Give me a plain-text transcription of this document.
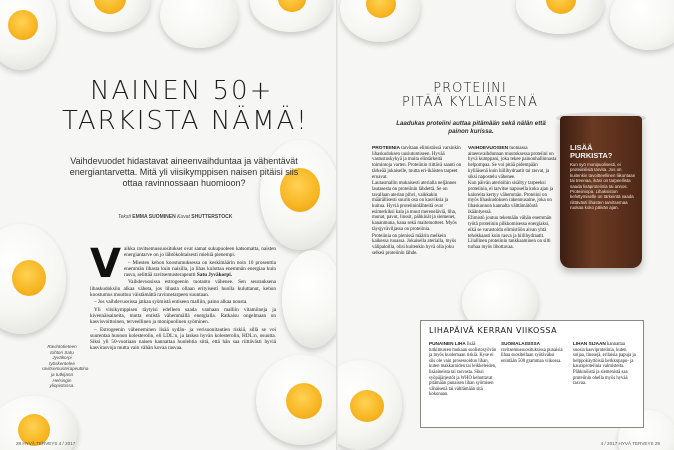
NAINEN 50+
TARKISTA NÄMÄ!

Vaihdevuodet hidastavat aineenvaihduntaa ja vähentävät energiantarvetta. Mitä yli viisikymppisen naisen pitäisi siis ottaa ravinnossaan huomioon?

Teksti EMMA SUOMINEN Kuvat SHUTTERSTOCK

V aikka ravitsemussuositukset ovat samat sukupuoleen katsomatta, naisten energiantarve on jo lähtökohtaisesti miehiä pienempi.

– Miesten kehon koostumuksessa on keskimäärin noin 10 prosenttia enemmän lihasta kuin naisilla, ja lihas kuluttaa enemmän energiaa kuin rasva, selittää ravitsemusterapeutti Satu Jyväkorpi.

Vaihdevuosissa estrogeenin tuotanto vähenee. Sen seurauksena lihaskudoksiin alkaa väheta, jos lihasta ollaan erityisesti huolla kuluttanut, kehon koostumus muuttuu väistämättä ravinnetarpeen suuntaan.

– Jos vaihdevuosissa jatkaa syömistä entiseen malliin, paino alkaa nousta.

Yli viisikymppisen täytyisi edelleen saada vanhaan malliin vitamiineja ja kivennäisaineita, mutta entistä vähemmällä energialla. Ratkaisu ongelmaan on kasvisvoittoinen, terveellinen ja monipuolinen syöminen.

– Estrogeenin väheneminen lisää sydän- ja verisuonitautien riskiä, sillä se voi suurentaa huonon kolesterolin, eli LDL:n, ja laskea hyvän kolesterolin, HDL:n, osuutta. Siksi yli 50-vuotiaan naisen kannattaa huolehtia siitä, että hän saa riittävästi hyviä kasvirasvoja mutta vain vähän kovaa rasvaa.

Ravintotieteen tohtori Satu Jyväkorpi työskentelee ravitsemusterapeuttina ja tutkijana Helsingin yliopistossa.

28 HYVÄ TERVEYS 4 / 2017

PROTEIINI
PITÄÄ KYLLÄISENÄ

Laadukas proteiini auttaa pitämään sekä nälän että painon kurissa.

PROTEIINIA tarvitaan elimistössä varsinkin lihaskudoksen uusiutumiseen. Hyvää vastustuskykyä ja muita elintärkeitä toimintoja varten. Proteiinin riittävä saanti on tärkeää jokaiselle, mutta eri-ikäisten tarpeet eroavat.

Lautasmallin mukaisesti aterialla neljännes lautasesta on proteiinin lähdettä. Se on tavallaan aterian pihvi, vaikkakin määrällisesti suurin osa on kasviksia ja kuitua. Hyviä proteiininlähteitä ovat esimerkiksi kala ja muut mereneläviä, liha, munat, pavut, linssit, pähkinät ja siemenet, kananmuna, kana sekä maitotuotteet. Myös täysjyväviljassa on proteiinia.

Proteiinia on pienissä määrin melkein kaikessa ruoassa. Jokaisella aterialla, myös välipaloilla, olisi kuitenkin hyvä olla joku selkeä proteiinin lähde.

VAIHDEVUOSIEN tuomassa aineenvaihdunnan muutoksessa proteiini on hyvä kumppani, joka tekee painonhallinnasta helpompaa. Se voi pitää pidempään kylläisenä kuin hiilihydraatit tai rasvat, ja siksi napostelu vähenee.

Kun päivän aterioihin sisältyy tarpeeksi proteiinia, ei tarvitse naposella koko ajan ja kaloreita kertyy vähemmän. Proteiini on myös lihaskudoksen rakennusaine, joka on lihaskunnon kannalta välttämätöntä ikääntyessä.

Elimistö joutuu tekemään vähän enemmän työtä proteiinin pilkkomisessa energiaksi, eikä se varastoidu elimistöön aivan yhtä tehokkaasti kuin rasva ja hiilihydraatit. Liiallinen proteiinin tankkaaminen on silti turhaa myös lihottavaa.

LISÄÄ PURKISTA?

Kun syö monipuolisesti, ei proteiinilisiä tarvita. Jos on kuitenkin tavoitteellinen liikuntaan tai treenaa, ikäsi on tarpeellista saada lisäproteiinia tai annos. Proteiiniopa. Lihaksiston kehittymiselle on tärkeintä saada riittävästi lihasten tarvitsemaa ruokaa koko päivän ajan.

LIHAPÄIVÄ KERRAN VIIKOSSA

PUNAINEN LIHA lisää tutkimusten mukaan suolistosyövän ja myös kuolemaan riskiä. Kyse ei siis ole vain prosessoidun lihan, kuten makkaroiden tai leikkeleiden, lisäaineista tai rasvasta. Siksi syöpäjärjestöt ja WHO kehottavat pitämään punaisen lihan syömisen vähäisenä tai välttämään sitä kokonaan.

SUOMALAISISSA ravitsemussuosituksissa punaisia lihaa suositellaan syötäväksi enintään 500 grammaa viikossa.

LIHAN SIJAAN kannattaa suosia kasviproteiinia, kuten soijaa, linssejä, erilaisia papuja ja helppokäyttöisiä herkkupapu- ja kauraproteiinia valmisteita. Pähkinöistä ja siemenistä saa proteiinin ohella myös hyvää rasvaa.

4 / 2017 HYVÄ TERVEYS 29
